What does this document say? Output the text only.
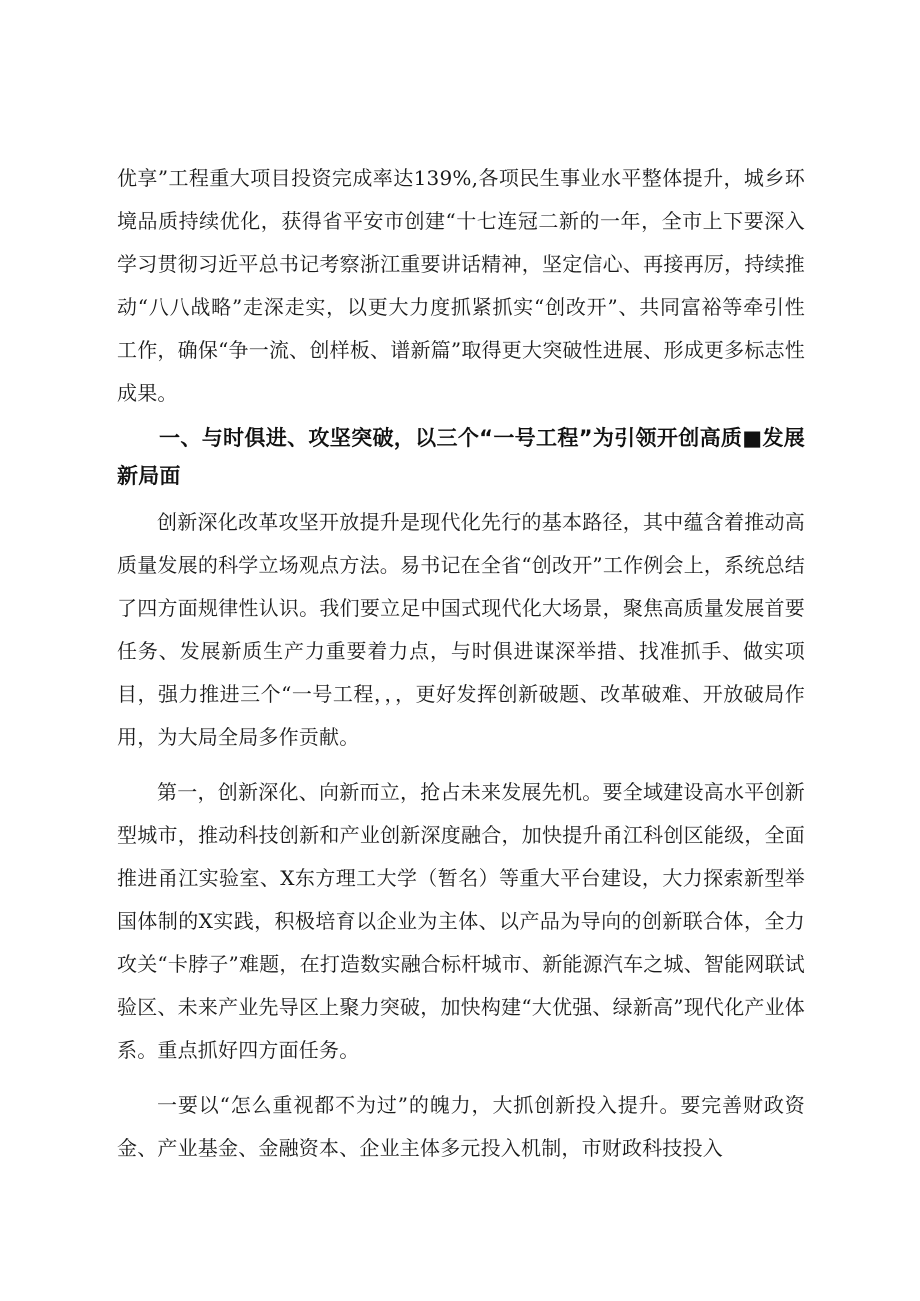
优享”工程重大项目投资完成率达139%,各项民生事业水平整体提升，城乡环境品质持续优化，获得省平安市创建“十七连冠二新的一年，全市上下要深入学习贯彻习近平总书记考察浙江重要讲话精神，坚定信心、再接再厉，持续推动“八八战略”走深走实，以更大力度抓紧抓实“创改开”、共同富裕等牵引性工作，确保“争一流、创样板、谱新篇”取得更大突破性进展、形成更多标志性成果。

一、与时俱进、攻坚突破，以三个“一号工程”为引领开创高质■发展新局面

创新深化改革攻坚开放提升是现代化先行的基本路径，其中蕴含着推动高质量发展的科学立场观点方法。易书记在全省“创改开”工作例会上，系统总结了四方面规律性认识。我们要立足中国式现代化大场景，聚焦高质量发展首要任务、发展新质生产力重要着力点，与时俱进谋深举措、找准抓手、做实项目，强力推进三个“一号工程，，，更好发挥创新破题、改革破难、开放破局作用，为大局全局多作贡献。

第一，创新深化、向新而立，抢占未来发展先机。要全域建设高水平创新型城市，推动科技创新和产业创新深度融合，加快提升甬江科创区能级，全面推进甬江实验室、X东方理工大学（暂名）等重大平台建设，大力探索新型举国体制的X实践，积极培育以企业为主体、以产品为导向的创新联合体，全力攻关“卡脖子”难题，在打造数实融合标杆城市、新能源汽车之城、智能网联试验区、未来产业先导区上聚力突破，加快构建“大优强、绿新高”现代化产业体系。重点抓好四方面任务。

一要以“怎么重视都不为过”的魄力，大抓创新投入提升。要完善财政资金、产业基金、金融资本、企业主体多元投入机制，市财政科技投入
